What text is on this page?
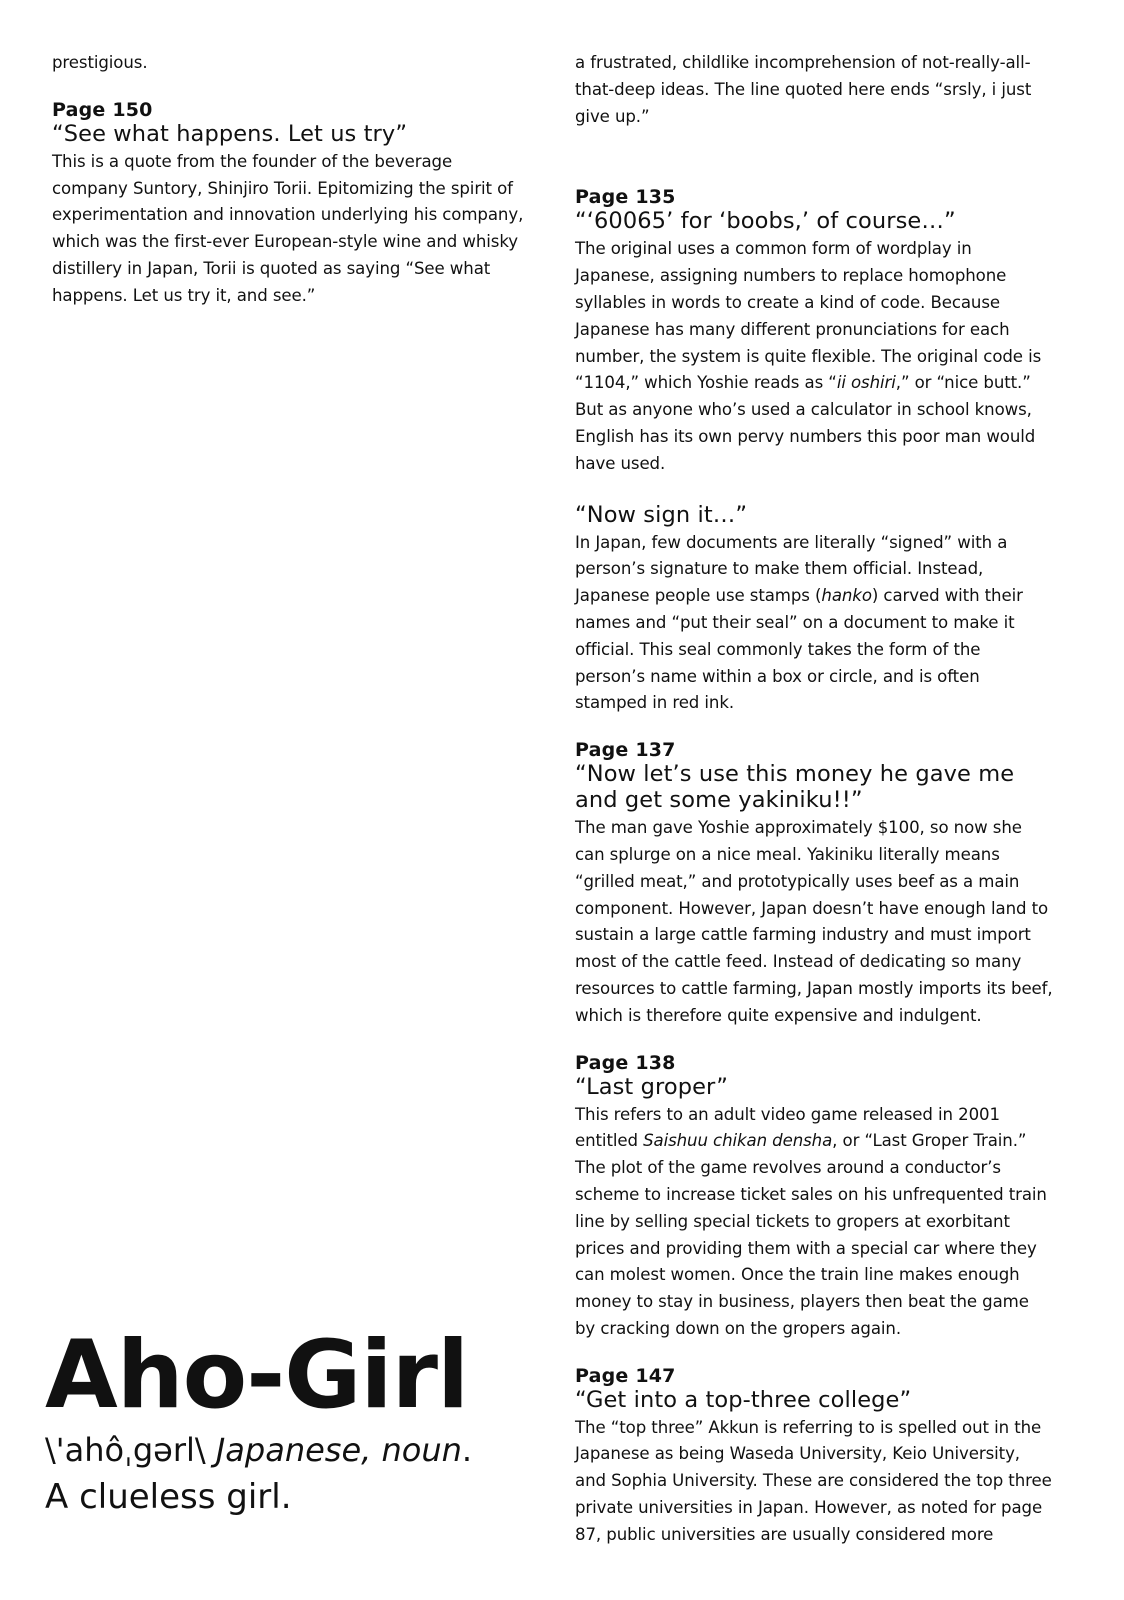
prestigious.

Page 150
“See what happens. Let us try”

This is a quote from the founder of the beverage company Suntory, Shinjiro Torii. Epitomizing the spirit of experimentation and innovation underlying his company, which was the first-ever European-style wine and whisky distillery in Japan, Torii is quoted as saying “See what happens. Let us try it, and see.”

Aho-Girl
\'ahôˌgərl\ Japanese, noun.
A clueless girl.

a frustrated, childlike incomprehension of not-really-all-that-deep ideas. The line quoted here ends “srsly, i just give up.”

Page 135
“‘60065’ for ‘boobs,’ of course…”

The original uses a common form of wordplay in Japanese, assigning numbers to replace homophone syllables in words to create a kind of code. Because Japanese has many different pronunciations for each number, the system is quite flexible. The original code is “1104,” which Yoshie reads as “ii oshiri,” or “nice butt.” But as anyone who’s used a calculator in school knows, English has its own pervy numbers this poor man would have used.

“Now sign it…”

In Japan, few documents are literally “signed” with a person’s signature to make them official. Instead, Japanese people use stamps (hanko) carved with their names and “put their seal” on a document to make it official. This seal commonly takes the form of the person’s name within a box or circle, and is often stamped in red ink.

Page 137
“Now let’s use this money he gave me and get some yakiniku!!”

The man gave Yoshie approximately $100, so now she can splurge on a nice meal. Yakiniku literally means “grilled meat,” and prototypically uses beef as a main component. However, Japan doesn’t have enough land to sustain a large cattle farming industry and must import most of the cattle feed. Instead of dedicating so many resources to cattle farming, Japan mostly imports its beef, which is therefore quite expensive and indulgent.

Page 138
“Last groper”

This refers to an adult video game released in 2001 entitled Saishuu chikan densha, or “Last Groper Train.” The plot of the game revolves around a conductor’s scheme to increase ticket sales on his unfrequented train line by selling special tickets to gropers at exorbitant prices and providing them with a special car where they can molest women. Once the train line makes enough money to stay in business, players then beat the game by cracking down on the gropers again.

Page 147
“Get into a top-three college”

The “top three” Akkun is referring to is spelled out in the Japanese as being Waseda University, Keio University, and Sophia University. These are considered the top three private universities in Japan. However, as noted for page 87, public universities are usually considered more
